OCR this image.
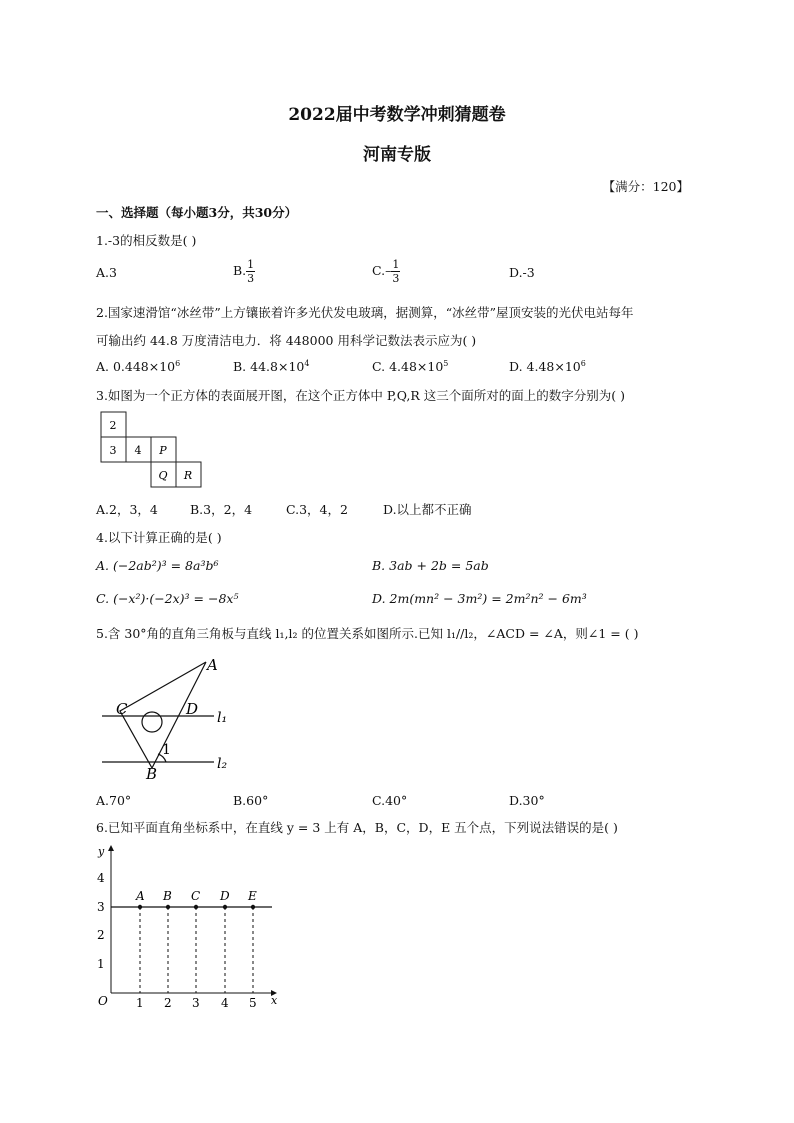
2022届中考数学冲刺猜题卷
河南专版
【满分：120】
一、选择题（每小题3分，共30分）
1.-3的相反数是( )
A.3	B. $\frac{1}{3}$	$C.- \frac{1}{3}$	D.-3
2.国家速滑馆“冰丝带”上方镶嵌着许多光伏发电玻璃，据测算，“冰丝带”屋顶安装的光伏电站每年
可输出约 44.8 万度清洁电力．将 448000 用科学记数法表示应为( )
A. $0.448\times 10^6$	B. $44.8\times 10^4$	C. $4.48\times 10^5$	D. $4.48\times 10^6$
3.如图为一个正方体的表面展开图，在这个正方体中 P,Q,R 这三个面所对的面上的数字分别为( )
2
3 4 P
Q R
A.2，3，4	B.3，2，4	C.3，4，2	D.以上都不正确
4.以下计算正确的是( )
A. (−2ab²)³ = 8a³b⁶	B. 3ab + 2b = 5ab
C. (−x²)·(−2x)³ = −8x⁵	D. 2m(mn² − 3m²) = 2m²n² − 6m³
5.含 30°角的直角三角板与直线 l₁,l₂ 的位置关系如图所示.已知 l₁//l₂，∠ACD = ∠A，则∠1 = ( )
A
C	D
B
1
l₁
l₂
A.70°	B.60°	C.40°	D.30°
6.已知平面直角坐标系中，在直线 y = 3 上有 A，B，C，D，E 五个点，下列说法错误的是( )
y
x
O
1
2
3
4
1 2 3 4 5
A B C D E
